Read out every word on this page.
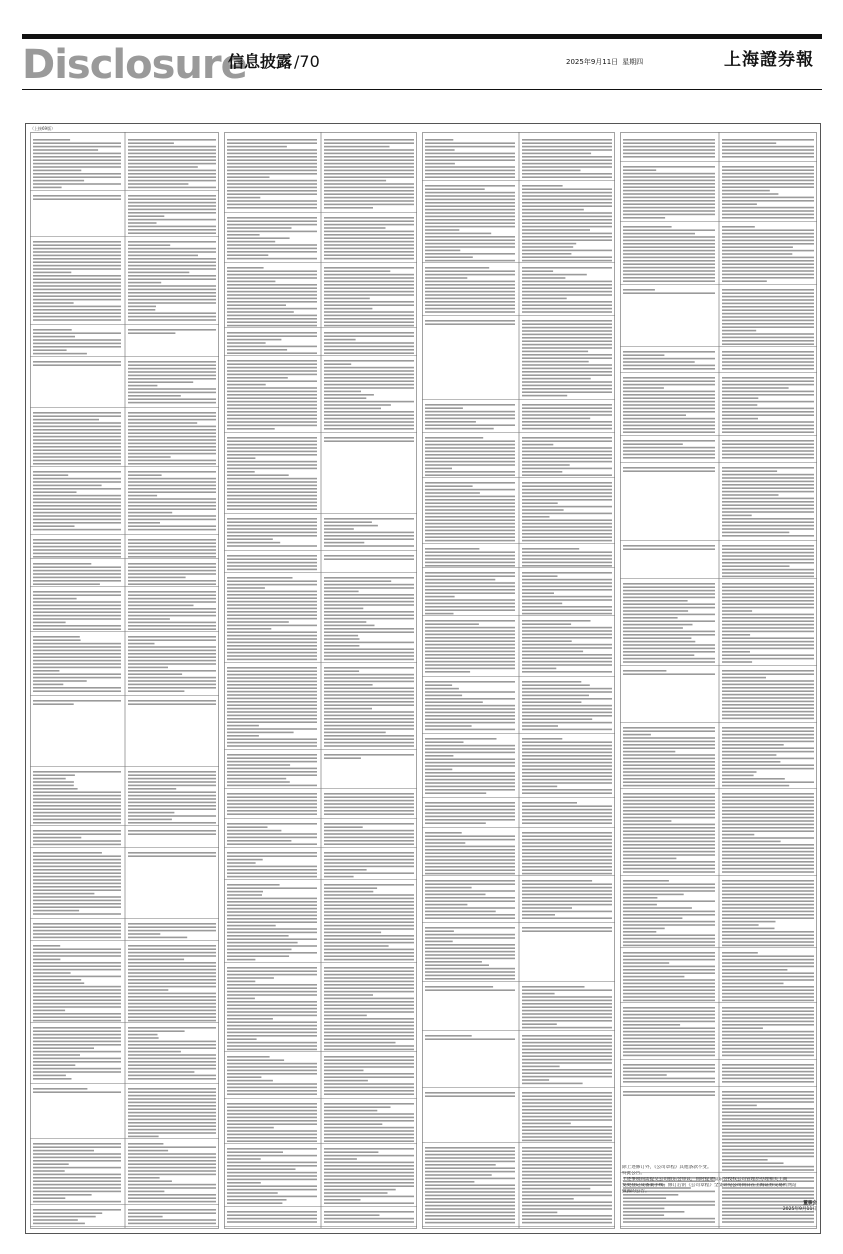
Disclosure
信息披露 /70	2025年9月11日 星期四	上海證券報
（上接69版）
除上述修订外，《公司章程》其他条款不变。
特此公告。
上述事项尚需提交公司股东会审议，同时提请股东会授权公司管理层办理相关工商
变更登记及备案手续，修订后的《公司章程》全文详见公司同日在上海证券交易所网站
披露的公告。
董事会
2025年9月11日
